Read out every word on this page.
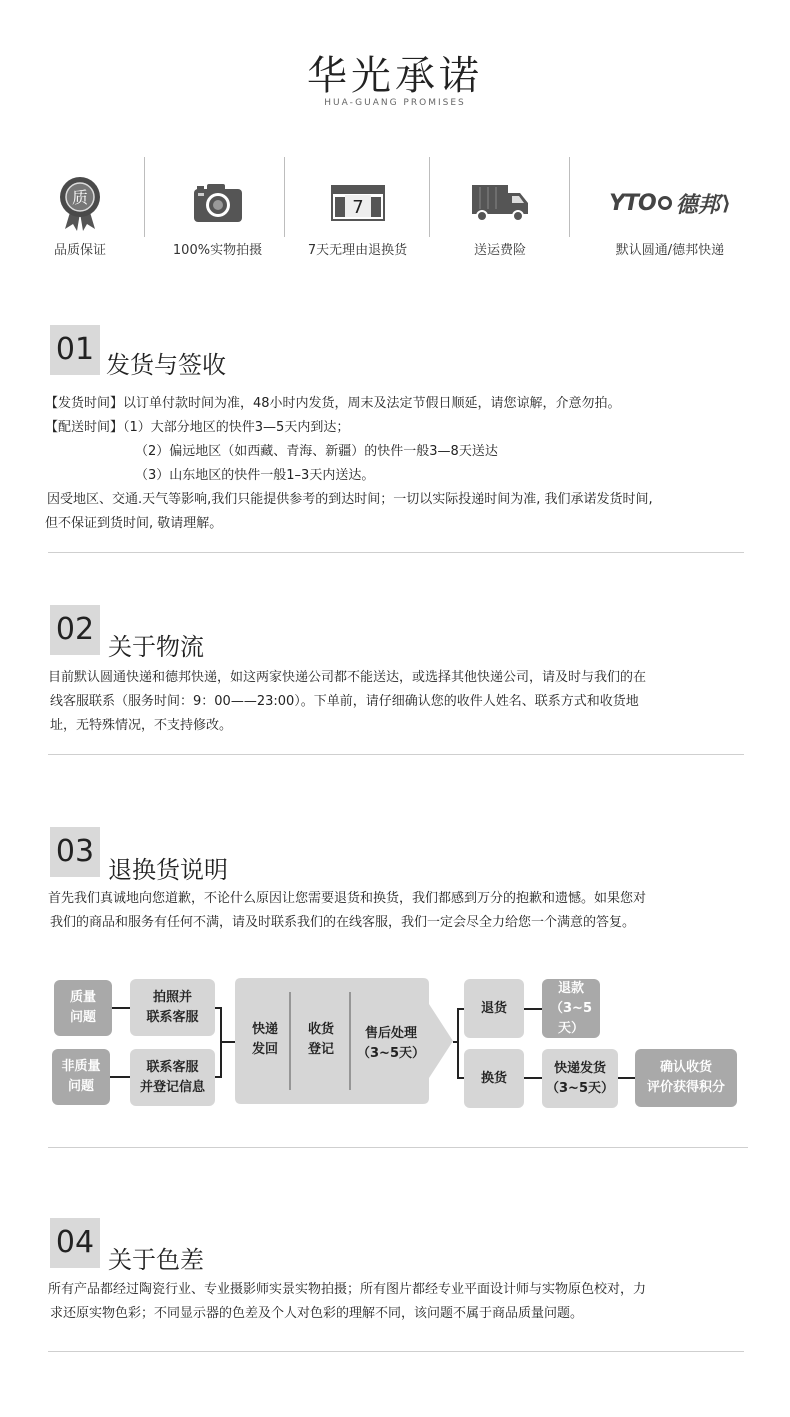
华光承诺
HUA-GUANG PROMISES
质
品质保证	100%实物拍摄
7
7天无理由退换货	送运费险
YTO 德邦 ⟩
默认圆通/德邦快递
01 发货与签收
【发货时间】以订单付款时间为准，48小时内发货，周末及法定节假日顺延，请您谅解，介意勿拍。
【配送时间】（1）大部分地区的快件3—5天内到达；
（2）偏远地区（如西藏、青海、新疆）的快件一般3—8天送达
（3）山东地区的快件一般1–3天内送达。
因受地区、交通.天气等影响,我们只能提供参考的到达时间；一切以实际投递时间为准, 我们承诺发货时间,
但不保证到货时间, 敬请理解。
02 关于物流
目前默认圆通快递和德邦快递，如这两家快递公司都不能送达，或选择其他快递公司，请及时与我们的在
线客服联系（服务时间：9：00——23:00）。下单前，请仔细确认您的收件人姓名、联系方式和收货地
址，无特殊情况，不支持修改。
03
退换货说明
首先我们真诚地向您道歉，不论什么原因让您需要退货和换货，我们都感到万分的抱歉和遗憾。如果您对
我们的商品和服务有任何不满，请及时联系我们的在线客服，我们一定会尽全力给您一个满意的答复。
质量
问题
非质量
问题
拍照并
联系客服
联系客服
并登记信息
快递
发回
收货
登记
售后处理
（3~5天）
退货
换货
退款
（3~5天）
快递发货
（3~5天）
确认收货
评价获得积分
04 关于色差
所有产品都经过陶瓷行业、专业摄影师实景实物拍摄；所有图片都经专业平面设计师与实物原色校对，力
求还原实物色彩；不同显示器的色差及个人对色彩的理解不同，该问题不属于商品质量问题。
